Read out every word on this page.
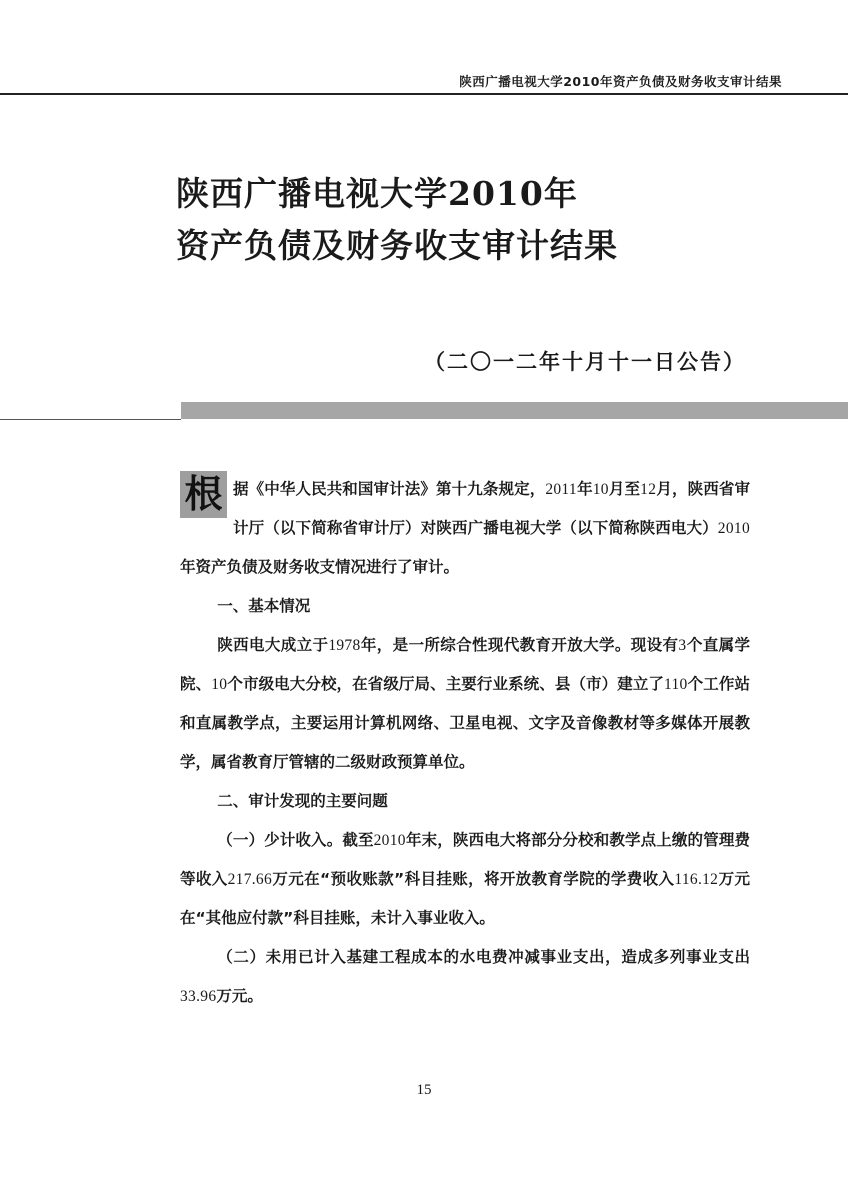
陕西广播电视大学2010年资产负债及财务收支审计结果
陕西广播电视大学2010年
资产负债及财务收支审计结果
（二〇一二年十月十一日公告）

根 据《中华人民共和国审计法》第十九条规定，2011年10月至12月，陕西省审计厅（以下简称省审计厅）对陕西广播电视大学（以下简称陕西电大）2010年资产负债及财务收支情况进行了审计。

一、基本情况

陕西电大成立于1978年，是一所综合性现代教育开放大学。现设有3个直属学院、10个市级电大分校，在省级厅局、主要行业系统、县（市）建立了110个工作站和直属教学点，主要运用计算机网络、卫星电视、文字及音像教材等多媒体开展教学，属省教育厅管辖的二级财政预算单位。

二、审计发现的主要问题

（一）少计收入。截至2010年末，陕西电大将部分分校和教学点上缴的管理费等收入217.66万元在“预收账款”科目挂账，将开放教育学院的学费收入116.12万元在“其他应付款”科目挂账，未计入事业收入。

（二）未用已计入基建工程成本的水电费冲减事业支出，造成多列事业支出33.96万元。

15
